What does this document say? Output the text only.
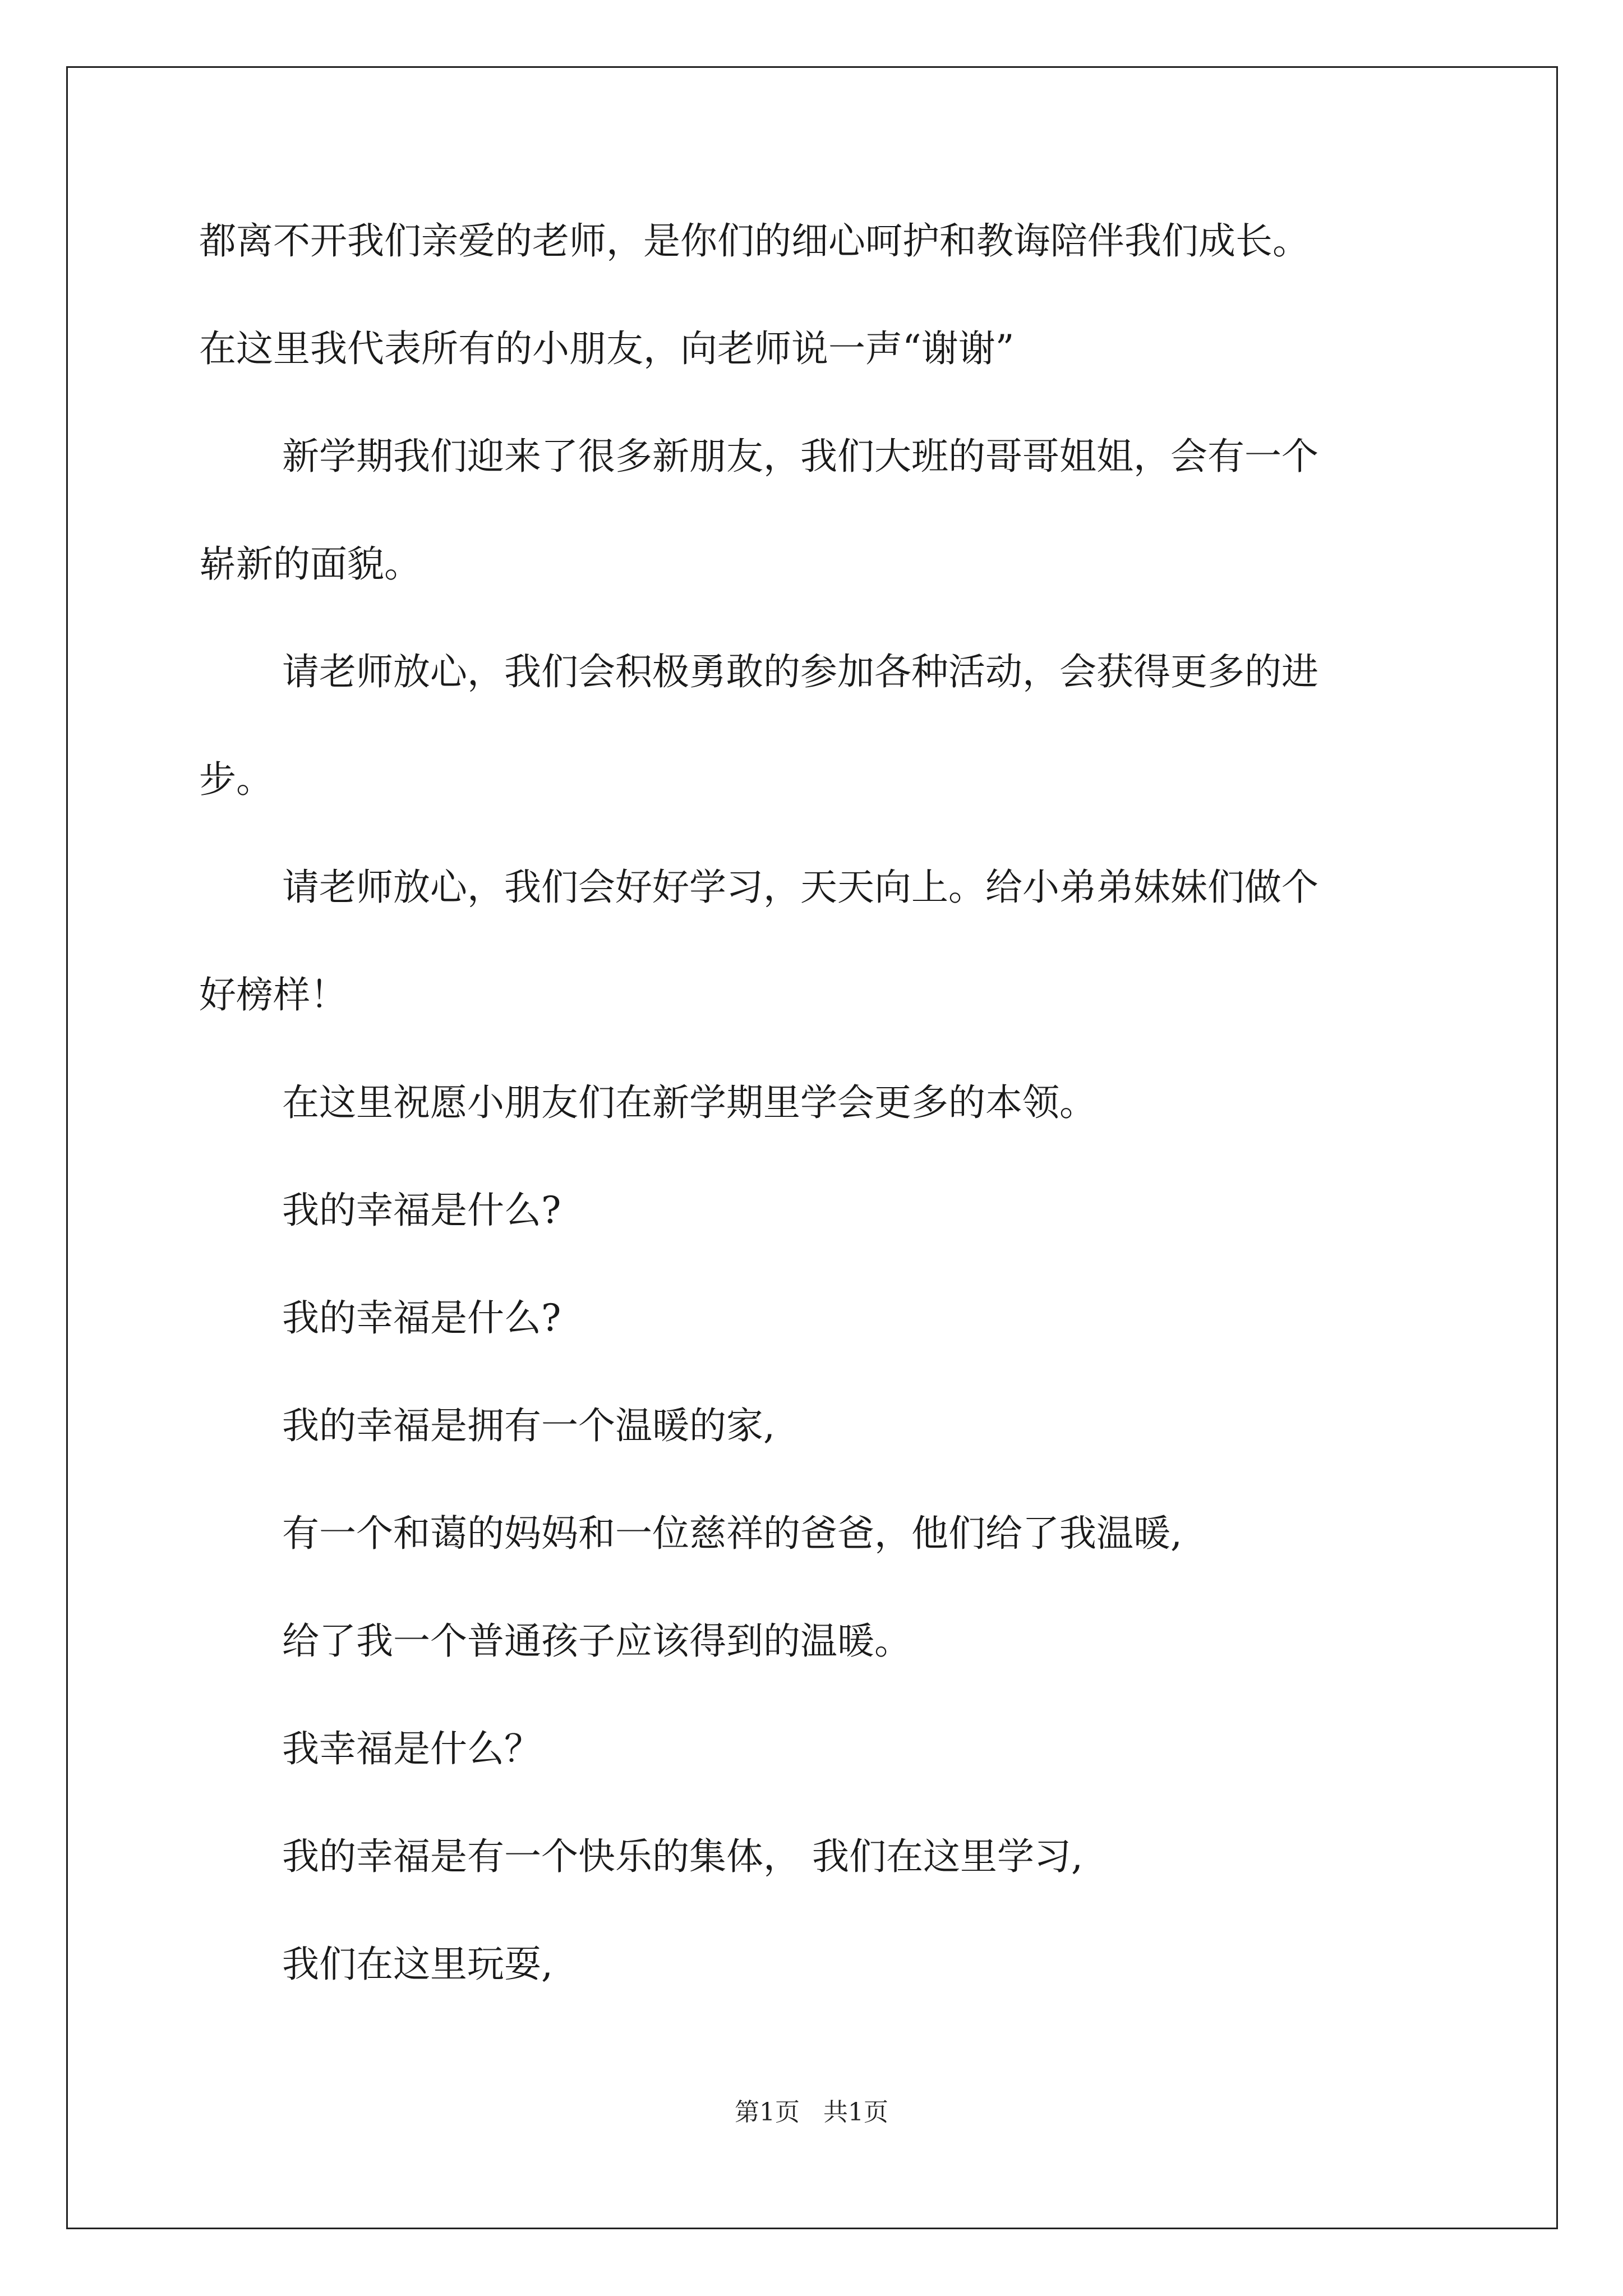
都离不开我们亲爱的老师，是你们的细心呵护和教诲陪伴我们成长。
在这里我代表所有的小朋友，向老师说一声“谢谢”
新学期我们迎来了很多新朋友，我们大班的哥哥姐姐，会有一个
崭新的面貌。
请老师放心，我们会积极勇敢的参加各种活动，会获得更多的进
步。
请老师放心，我们会好好学习，天天向上。给小弟弟妹妹们做个
好榜样！
在这里祝愿小朋友们在新学期里学会更多的本领。
我的幸福是什么?
我的幸福是什么?
我的幸福是拥有一个温暖的家,
有一个和蔼的妈妈和一位慈祥的爸爸，他们给了我温暖,
给了我一个普通孩子应该得到的温暖。
我幸福是什么？
我的幸福是有一个快乐的集体， 我们在这里学习,
我们在这里玩耍,
第1页 共1页
